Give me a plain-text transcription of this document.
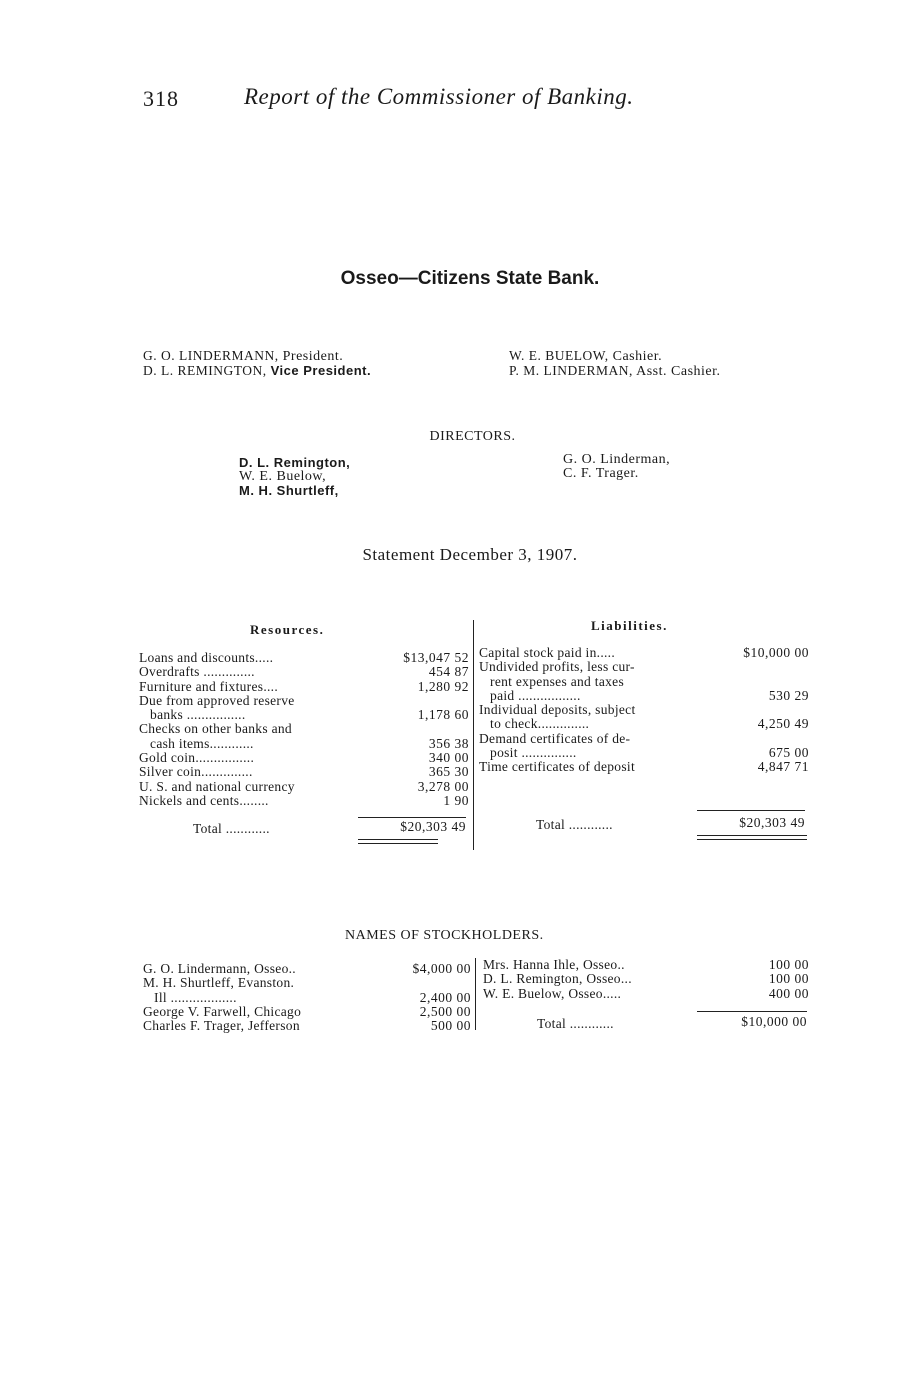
318	Report of the Commissioner of Banking.
Osseo—Citizens State Bank.
G. O. LINDERMANN, President.
D. L. REMINGTON, Vice President.
W. E. BUELOW, Cashier.
P. M. LINDERMAN, Asst. Cashier.
DIRECTORS.
D. L. Remington,
W. E. Buelow,
M. H. Shurtleff,
G. O. Linderman,
C. F. Trager.
Statement December 3, 1907.
Resources.
Loans and discounts.....	$13,047 52
Overdrafts ..............	454 87
Furniture and fixtures....	1,280 92
Due from approved reserve
banks ................	1,178 60
Checks on other banks and
cash items............	356 38
Gold coin................	340 00
Silver coin..............	365 30
U. S. and national currency	3,278 00
Nickels and cents........	1 90
Total ............	$20,303 49
Liabilities.
Capital stock paid in.....	$10,000 00
Undivided profits, less cur-
rent expenses and taxes
paid .................	530 29
Individual deposits, subject
to check..............	4,250 49
Demand certificates of de-
posit ...............	675 00
Time certificates of deposit	4,847 71
Total ............	$20,303 49
NAMES OF STOCKHOLDERS.
G. O. Lindermann, Osseo..	$4,000 00
M. H. Shurtleff, Evanston.
Ill ..................	2,400 00
George V. Farwell, Chicago	2,500 00
Charles F. Trager, Jefferson	500 00
Mrs. Hanna Ihle, Osseo..	100 00
D. L. Remington, Osseo...	100 00
W. E. Buelow, Osseo.....	400 00
Total ............	$10,000 00
